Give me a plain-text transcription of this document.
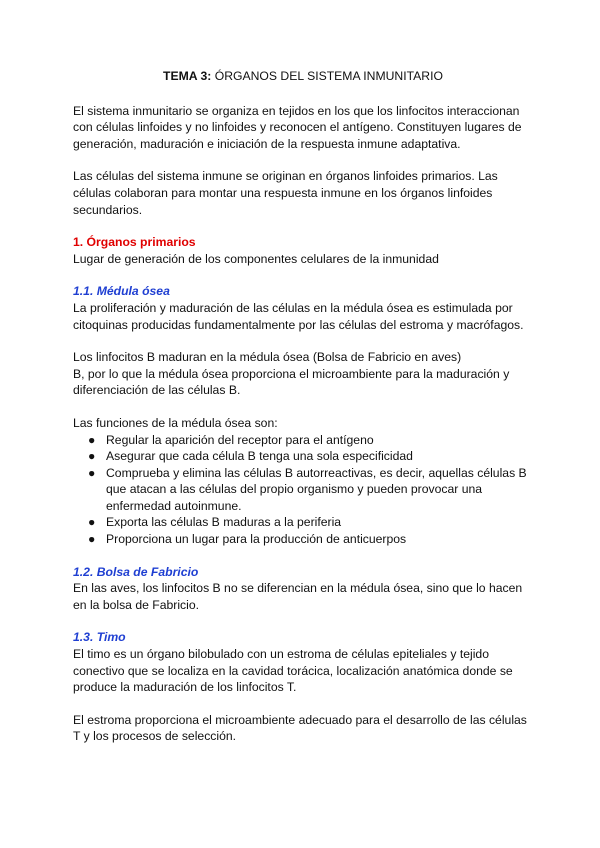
TEMA 3: ÓRGANOS DEL SISTEMA INMUNITARIO

El sistema inmunitario se organiza en tejidos en los que los linfocitos interaccionan con células linfoides y no linfoides y reconocen el antígeno. Constituyen lugares de generación, maduración e iniciación de la respuesta inmune adaptativa.

Las células del sistema inmune se originan en órganos linfoides primarios. Las células colaboran para montar una respuesta inmune en los órganos linfoides secundarios.

1. Órganos primarios
Lugar de generación de los componentes celulares de la inmunidad
1.1. Médula ósea

La proliferación y maduración de las células en la médula ósea es estimulada por citoquinas producidas fundamentalmente por las células del estroma y macrófagos.

Los linfocitos B maduran en la médula ósea (Bolsa de Fabricio en aves)
B, por lo que la médula ósea proporciona el microambiente para la maduración y diferenciación de las células B.

Las funciones de la médula ósea son:
● Regular la aparición del receptor para el antígeno
● Asegurar que cada célula B tenga una sola especificidad
● Comprueba y elimina las células B autorreactivas, es decir, aquellas células B que atacan a las células del propio organismo y pueden provocar una enfermedad autoinmune.
● Exporta las células B maduras a la periferia
● Proporciona un lugar para la producción de anticuerpos
1.2. Bolsa de Fabricio

En las aves, los linfocitos B no se diferencian en la médula ósea, sino que lo hacen en la bolsa de Fabricio.

1.3. Timo

El timo es un órgano bilobulado con un estroma de células epiteliales y tejido conectivo que se localiza en la cavidad torácica, localización anatómica donde se produce la maduración de los linfocitos T.

El estroma proporciona el microambiente adecuado para el desarrollo de las células T y los procesos de selección.
